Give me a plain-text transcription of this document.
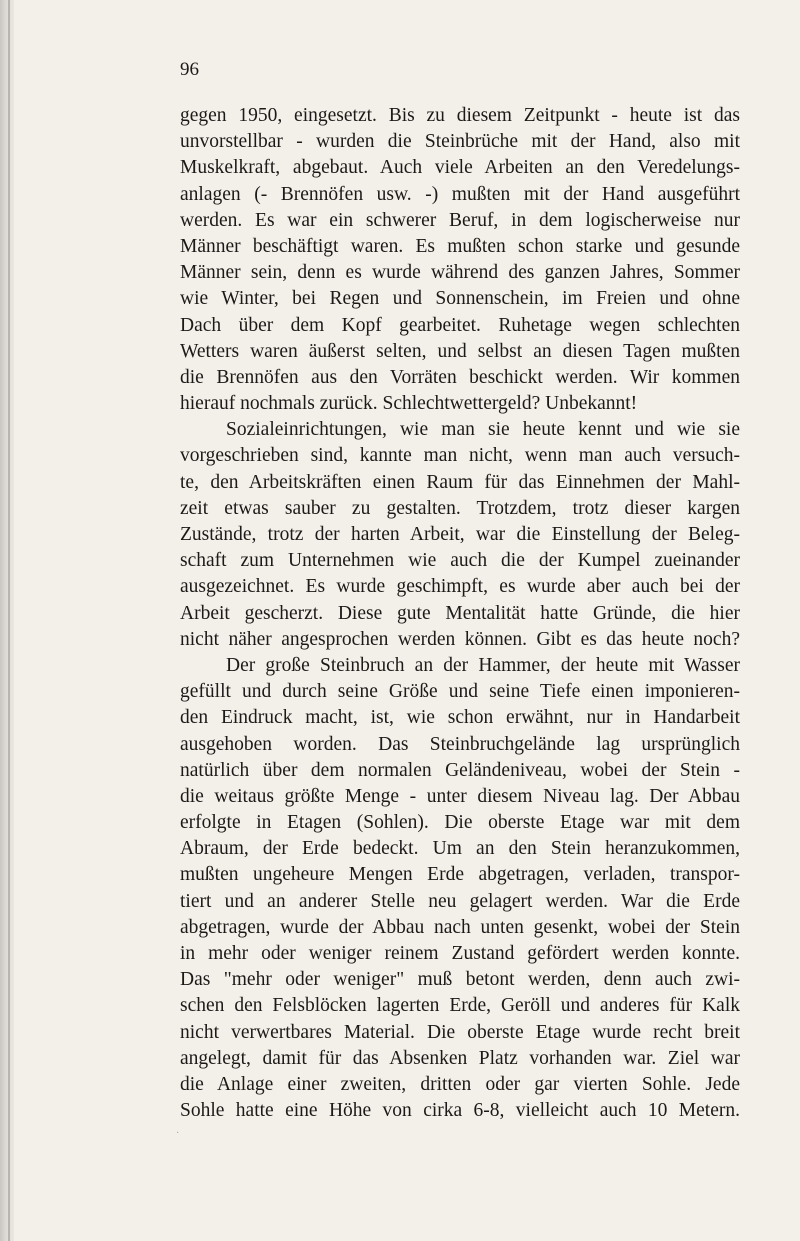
96
gegen 1950, eingesetzt. Bis zu diesem Zeitpunkt - heute ist das
unvorstellbar - wurden die Steinbrüche mit der Hand, also mit
Muskelkraft, abgebaut. Auch viele Arbeiten an den Veredelungs-
anlagen (- Brennöfen usw. -) mußten mit der Hand ausgeführt
werden. Es war ein schwerer Beruf, in dem logischerweise nur
Männer beschäftigt waren. Es mußten schon starke und gesunde
Männer sein, denn es wurde während des ganzen Jahres, Sommer
wie Winter, bei Regen und Sonnenschein, im Freien und ohne
Dach über dem Kopf gearbeitet. Ruhetage wegen schlechten
Wetters waren äußerst selten, und selbst an diesen Tagen mußten
die Brennöfen aus den Vorräten beschickt werden. Wir kommen
hierauf nochmals zurück. Schlechtwettergeld? Unbekannt!
Sozialeinrichtungen, wie man sie heute kennt und wie sie
vorgeschrieben sind, kannte man nicht, wenn man auch versuch-
te, den Arbeitskräften einen Raum für das Einnehmen der Mahl-
zeit etwas sauber zu gestalten. Trotzdem, trotz dieser kargen
Zustände, trotz der harten Arbeit, war die Einstellung der Beleg-
schaft zum Unternehmen wie auch die der Kumpel zueinander
ausgezeichnet. Es wurde geschimpft, es wurde aber auch bei der
Arbeit gescherzt. Diese gute Mentalität hatte Gründe, die hier
nicht näher angesprochen werden können. Gibt es das heute noch?
Der große Steinbruch an der Hammer, der heute mit Wasser
gefüllt und durch seine Größe und seine Tiefe einen imponieren-
den Eindruck macht, ist, wie schon erwähnt, nur in Handarbeit
ausgehoben worden. Das Steinbruchgelände lag ursprünglich
natürlich über dem normalen Geländeniveau, wobei der Stein -
die weitaus größte Menge - unter diesem Niveau lag. Der Abbau
erfolgte in Etagen (Sohlen). Die oberste Etage war mit dem
Abraum, der Erde bedeckt. Um an den Stein heranzukommen,
mußten ungeheure Mengen Erde abgetragen, verladen, transpor-
tiert und an anderer Stelle neu gelagert werden. War die Erde
abgetragen, wurde der Abbau nach unten gesenkt, wobei der Stein
in mehr oder weniger reinem Zustand gefördert werden konnte.
Das "mehr oder weniger" muß betont werden, denn auch zwi-
schen den Felsblöcken lagerten Erde, Geröll und anderes für Kalk
nicht verwertbares Material. Die oberste Etage wurde recht breit
angelegt, damit für das Absenken Platz vorhanden war. Ziel war
die Anlage einer zweiten, dritten oder gar vierten Sohle. Jede
Sohle hatte eine Höhe von cirka 6-8, vielleicht auch 10 Metern.
·
